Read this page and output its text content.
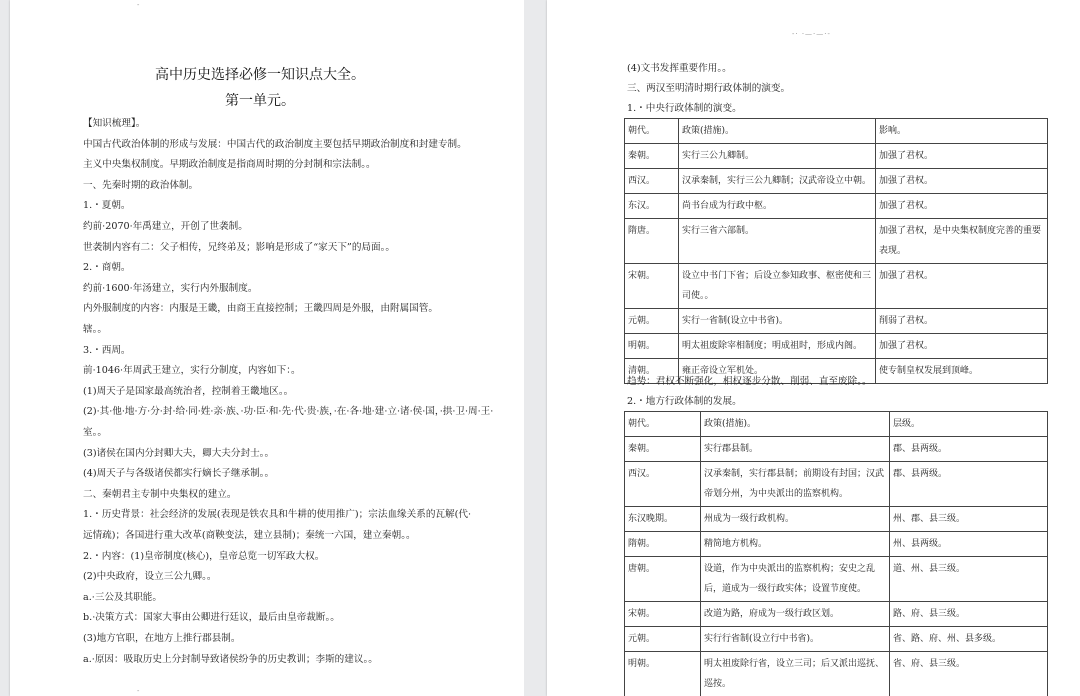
-
-
高中历史选择必修一知识点大全。
第一单元。
【知识梳理】。
中国古代政治体制的形成与发展：中国古代的政治制度主要包括早期政治制度和封建专制。
主义中央集权制度。早期政治制度是指商周时期的分封制和宗法制。。
一、先秦时期的政治体制。
1.・夏朝。
约前·2070·年禹建立，开创了世袭制。
世袭制内容有二：父子相传，兄终弟及；影响是形成了“家天下”的局面。。
2.・商朝。
约前·1600·年汤建立，实行内外服制度。
内外服制度的内容：内服是王畿，由商王直接控制；王畿四周是外服，由附属国管。
辖。。
3.・西周。
前·1046·年周武王建立，实行分制度，内容如下：。
(1)周天子是国家最高统治者，控制着王畿地区。。
(2)·其·他·地·方·分·封·给·同·姓·亲·族、·功·臣·和·先·代·贵·族，·在·各·地·建·立·诸·侯·国，·拱·卫·周·王·
室。。
(3)诸侯在国内分封卿大夫，卿大夫分封士。。
(4)周天子与各级诸侯都实行嫡长子继承制。。
二、秦朝君主专制中央集权的建立。
1.・历史背景：社会经济的发展(表现是铁农具和牛耕的使用推广)；宗法血缘关系的瓦解(代·
远情疏)；各国进行重大改革(商鞅变法，建立县制)；秦统一六国，建立秦朝。。
2.・内容：(1)皇帝制度(核心)，皇帝总览一切军政大权。
(2)中央政府，设立三公九卿。。
a.·三公及其职能。
b.·决策方式：国家大事由公卿进行廷议，最后由皇帝裁断。。
(3)地方官职，在地方上推行郡县制。
a.·原因：吸取历史上分封制导致诸侯纷争的历史教训；李斯的建议。。
-· ·—·—·-
(4)文书发挥重要作用。。
三、两汉至明清时期行政体制的演变。
1.・中央行政体制的演变。
朝代。	政策(措施)。	影响。
秦朝。	实行三公九卿制。	加强了君权。
西汉。	汉承秦制，实行三公九卿制；汉武帝设立中朝。	加强了君权。
东汉。	尚书台成为行政中枢。	加强了君权。
隋唐。	实行三省六部制。	加强了君权，是中央集权制度完善的重要表现。
宋朝。	设立中书门下省；后设立参知政事、枢密使和三司使。。	加强了君权。
元朝。	实行一省制(设立中书省)。	削弱了君权。
明朝。	明太祖废除宰相制度；明成祖时，形成内阁。	加强了君权。
清朝。	雍正帝设立军机处。	使专制皇权发展到顶峰。
趋势：君权不断强化，相权逐步分散、削弱、直至废除。。
2.・地方行政体制的发展。
朝代。	政策(措施)。	层级。
秦朝。	实行郡县制。	郡、县两级。
西汉。	汉承秦制，实行郡县制；前期设有封国；汉武帝划分州，为中央派出的监察机构。	郡、县两级。
东汉晚期。	州成为一级行政机构。	州、郡、县三级。
隋朝。	精简地方机构。	州、县两级。
唐朝。	设道，作为中央派出的监察机构；安史之乱后，道成为一级行政实体；设置节度使。	道、州、县三级。
宋朝。	改道为路，府成为一级行政区划。	路、府、县三级。
元朝。	实行行省制(设立行中书省)。	省、路、府、州、县多级。
明朝。	明太祖废除行省，设立三司；后又派出巡抚、巡按。	省、府、县三级。
